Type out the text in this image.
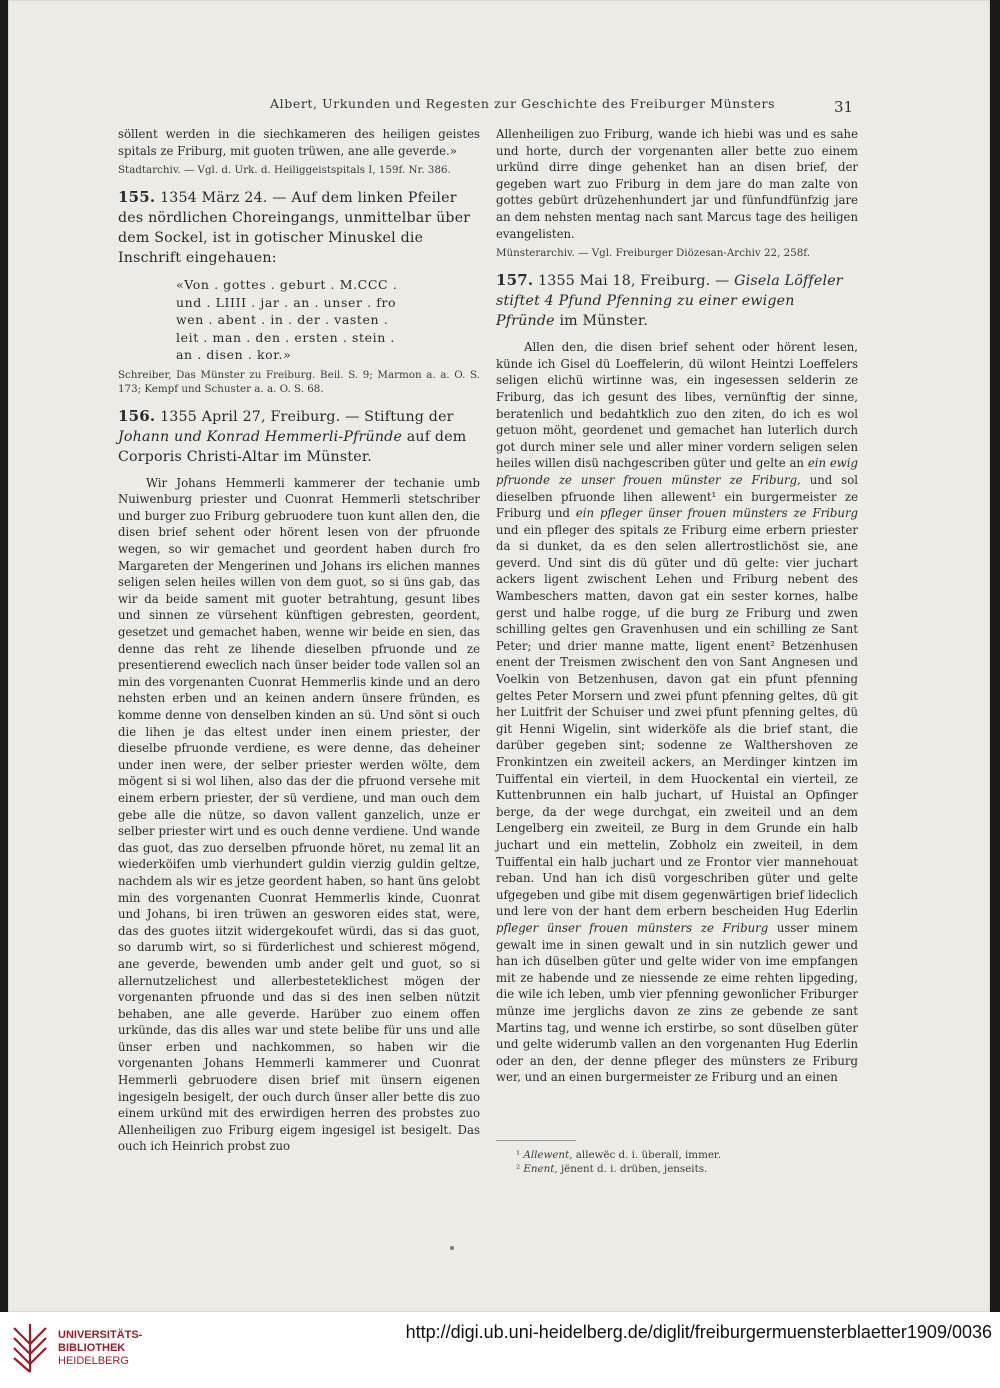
Albert, Urkunden und Regesten zur Geschichte des Freiburger Münsters	31

söllent werden in die siechkameren des heiligen geistes spitals ze Friburg, mit guoten trüwen, ane alle geverde.»

Stadtarchiv. — Vgl. d. Urk. d. Heiliggeistspitals I, 159f. Nr. 386.

155. 1354 März 24. — Auf dem linken Pfeiler des nördlichen Choreingangs, unmittelbar über dem Sockel, ist in gotischer Minuskel die Inschrift eingehauen:

«Von . gottes . geburt . M.CCC .
und . LIIII . jar . an . unser . fro
wen . abent . in . der . vasten .
leit . man . den . ersten . stein .
an . disen . kor.»

Schreiber, Das Münster zu Freiburg. Beil. S. 9; Marmon a. a. O. S. 173; Kempf und Schuster a. a. O. S. 68.

156. 1355 April 27, Freiburg. — Stiftung der Johann und Konrad Hemmerli-Pfründe auf dem Corporis Christi-Altar im Münster.

Wir Johans Hemmerli kammerer der techanie umb Nuiwenburg priester und Cuonrat Hemmerli stetschriber und burger zuo Friburg gebruodere tuon kunt allen den, die disen brief sehent oder hörent lesen von der pfruonde wegen, so wir gemachet und geordent haben durch fro Margareten der Mengerinen und Johans irs elichen mannes seligen selen heiles willen von dem guot, so si üns gab, das wir da beide sament mit guoter betrahtung, gesunt libes und sinnen ze vürsehent künftigen gebresten, geordent, gesetzet und gemachet haben, wenne wir beide en sien, das denne das reht ze lihende dieselben pfruonde und ze presentierend eweclich nach ünser beider tode vallen sol an min des vorgenanten Cuonrat Hemmerlis kinde und an dero nehsten erben und an keinen andern ünsere fründen, es komme denne von denselben kinden an sü. Und sönt si ouch die lihen je das eltest under inen einem priester, der dieselbe pfruonde verdiene, es were denne, das deheiner under inen were, der selber priester werden wölte, dem mögent si si wol lihen, also das der die pfruond versehe mit einem erbern priester, der sü verdiene, und man ouch dem gebe alle die nütze, so davon vallent ganzelich, unze er selber priester wirt und es ouch denne verdiene. Und wande das guot, das zuo derselben pfruonde höret, nu zemal lit an wiederköifen umb vierhundert guldin vierzig guldin geltze, nachdem als wir es jetze geordent haben, so hant üns gelobt min des vorgenanten Cuonrat Hemmerlis kinde, Cuonrat und Johans, bi iren trüwen an gesworen eides stat, were, das des guotes iitzit widergekoufet würdi, das si das guot, so darumb wirt, so si fürderlichest und schierest mögend, ane geverde, bewenden umb ander gelt und guot, so si allernutzelichest und allerbesteteklichest mögen der vorgenanten pfruonde und das si des inen selben nützit behaben, ane alle geverde. Harüber zuo einem offen urkünde, das dis alles war und stete belibe für uns und alle ünser erben und nachkommen, so haben wir die vorgenanten Johans Hemmerli kammerer und Cuonrat Hemmerli gebruodere disen brief mit ünsern eigenen ingesigeln besigelt, der ouch durch ünser aller bette dis zuo einem urkünd mit des erwirdigen herren des probstes zuo Allenheiligen zuo Friburg eigem ingesigel ist besigelt. Das ouch ich Heinrich probst zuo

Allenheiligen zuo Friburg, wande ich hiebi was und es sahe und horte, durch der vorgenanten aller bette zuo einem urkünd dirre dinge gehenket han an disen brief, der gegeben wart zuo Friburg in dem jare do man zalte von gottes gebürt drüzehenhundert jar und fünfundfünfzig jare an dem nehsten mentag nach sant Marcus tage des heiligen evangelisten.

Münsterarchiv. — Vgl. Freiburger Diözesan-Archiv 22, 258f.

157. 1355 Mai 18, Freiburg. — Gisela Löffeler stiftet 4 Pfund Pfenning zu einer ewigen Pfründe im Münster.

Allen den, die disen brief sehent oder hörent lesen, künde ich Gisel dü Loeffelerin, dü wilont Heintzi Loeffelers seligen elichü wirtinne was, ein ingesessen selderin ze Friburg, das ich gesunt des libes, vernünftig der sinne, beratenlich und bedahtklich zuo den ziten, do ich es wol getuon möht, geordenet und gemachet han luterlich durch got durch miner sele und aller miner vordern seligen selen heiles willen disü nachgescriben güter und gelte an ein ewig pfruonde ze unser frouen münster ze Friburg, und sol dieselben pfruonde lihen allewent¹ ein burgermeister ze Friburg und ein pfleger ünser frouen münsters ze Friburg und ein pfleger des spitals ze Friburg eime erbern priester da si dunket, da es den selen allertrostlichöst sie, ane geverd. Und sint dis dü güter und dü gelte: vier juchart ackers ligent zwischent Lehen und Friburg nebent des Wambeschers matten, davon gat ein sester kornes, halbe gerst und halbe rogge, uf die burg ze Friburg und zwen schilling geltes gen Gravenhusen und ein schilling ze Sant Peter; und drier manne matte, ligent enent² Betzenhusen enent der Treismen zwischent den von Sant Angnesen und Voelkin von Betzenhusen, davon gat ein pfunt pfenning geltes Peter Morsern und zwei pfunt pfenning geltes, dü git her Luitfrit der Schuiser und zwei pfunt pfenning geltes, dü git Henni Wigelin, sint widerköfe als die brief stant, die darüber gegeben sint; sodenne ze Walthershoven ze Fronkintzen ein zweiteil ackers, an Merdinger kintzen im Tuiffental ein vierteil, in dem Huockental ein vierteil, ze Kuttenbrunnen ein halb juchart, uf Huistal an Opfinger berge, da der wege durchgat, ein zweiteil und an dem Lengelberg ein zweiteil, ze Burg in dem Grunde ein halb juchart und ein mettelin, Zobholz ein zweiteil, in dem Tuiffental ein halb juchart und ze Frontor vier mannehouat reban. Und han ich disü vorgeschriben güter und gelte ufgegeben und gibe mit disem gegenwärtigen brief lideclich und lere von der hant dem erbern bescheiden Hug Ederlin pfleger ünser frouen münsters ze Friburg usser minem gewalt ime in sinen gewalt und in sin nutzlich gewer und han ich düselben güter und gelte wider von ime empfangen mit ze habende und ze niessende ze eime rehten lipgeding, die wile ich leben, umb vier pfenning gewonlicher Friburger münze ime jerglichs davon ze zins ze gebende ze sant Martins tag, und wenne ich erstirbe, so sont düselben güter und gelte widerumb vallen an den vorgenanten Hug Ederlin oder an den, der denne pfleger des münsters ze Friburg wer, und an einen burgermeister ze Friburg und an einen

¹ Allewent, allewëc d. i. überall, immer.
² Enent, jënent d. i. drüben, jenseits.
UNIVERSITÄTS-
BIBLIOTHEK
HEIDELBERG
http://digi.ub.uni-heidelberg.de/diglit/freiburgermuensterblaetter1909/0036
